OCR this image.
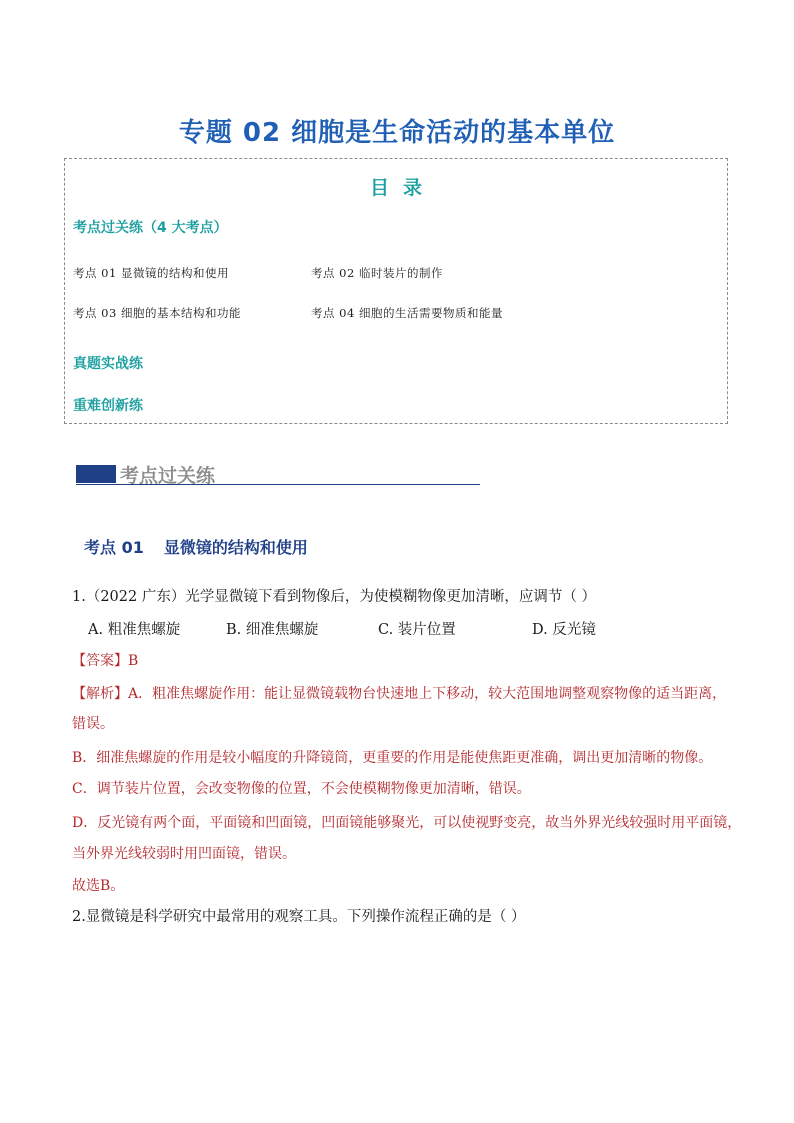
专题 02 细胞是生命活动的基本单位
目录
考点过关练（4 大考点）
考点 01 显微镜的结构和使用	考点 02 临时装片的制作
考点 03 细胞的基本结构和功能	考点 04 细胞的生活需要物质和能量
真题实战练
重难创新练
考点过关练
考点 01 显微镜的结构和使用
1.（2022 广东）光学显微镜下看到物像后，为使模糊物像更加清晰，应调节（ ）
A. 粗准焦螺旋	B. 细准焦螺旋	C. 装片位置	D. 反光镜
【答案】B
【解析】A．粗准焦螺旋作用：能让显微镜载物台快速地上下移动，较大范围地调整观察物像的适当距离，
错误。
B．细准焦螺旋的作用是较小幅度的升降镜筒，更重要的作用是能使焦距更准确，调出更加清晰的物像。
C．调节装片位置，会改变物像的位置，不会使模糊物像更加清晰，错误。
D．反光镜有两个面，平面镜和凹面镜，凹面镜能够聚光，可以使视野变亮，故当外界光线较强时用平面镜，
当外界光线较弱时用凹面镜，错误。
故选B。
2.显微镜是科学研究中最常用的观察工具。下列操作流程正确的是（ ）
